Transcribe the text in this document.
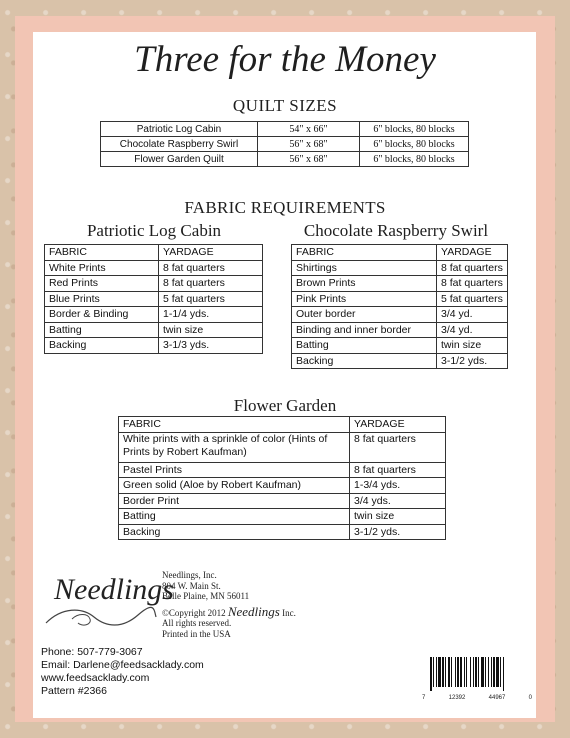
Three for the Money
QUILT SIZES
Patriotic Log Cabin	54" x 66"	6" blocks, 80 blocks
Chocolate Raspberry Swirl	56" x 68"	6" blocks, 80 blocks
Flower Garden Quilt	56" x 68"	6" blocks, 80 blocks
FABRIC REQUIREMENTS
Patriotic Log Cabin
FABRIC	YARDAGE
White Prints	8 fat quarters
Red Prints	8 fat quarters
Blue Prints	5 fat quarters
Border & Binding	1-1/4 yds.
Batting	twin size
Backing	3-1/3 yds.
Chocolate Raspberry Swirl
FABRIC	YARDAGE
Shirtings	8 fat quarters
Brown Prints	8 fat quarters
Pink Prints	5 fat quarters
Outer border	3/4 yd.
Binding and inner border	3/4 yd.
Batting	twin size
Backing	3-1/2 yds.
Flower Garden
FABRIC	YARDAGE
White prints with a sprinkle of color (Hints of Prints by Robert Kaufman)	8 fat quarters
Pastel Prints	8 fat quarters
Green solid (Aloe by Robert Kaufman)	1-3/4 yds.
Border Print	3/4 yds.
Batting	twin size
Backing	3-1/2 yds.
Needlings
Needlings, Inc.
804 W. Main St.
Belle Plaine, MN 56011
©Copyright 2012 Needlings Inc.
All rights reserved.
Printed in the USA
Phone: 507-779-3067
Email: Darlene@feedsacklady.com
www.feedsacklady.com
Pattern #2366
7	12392	44967	0
